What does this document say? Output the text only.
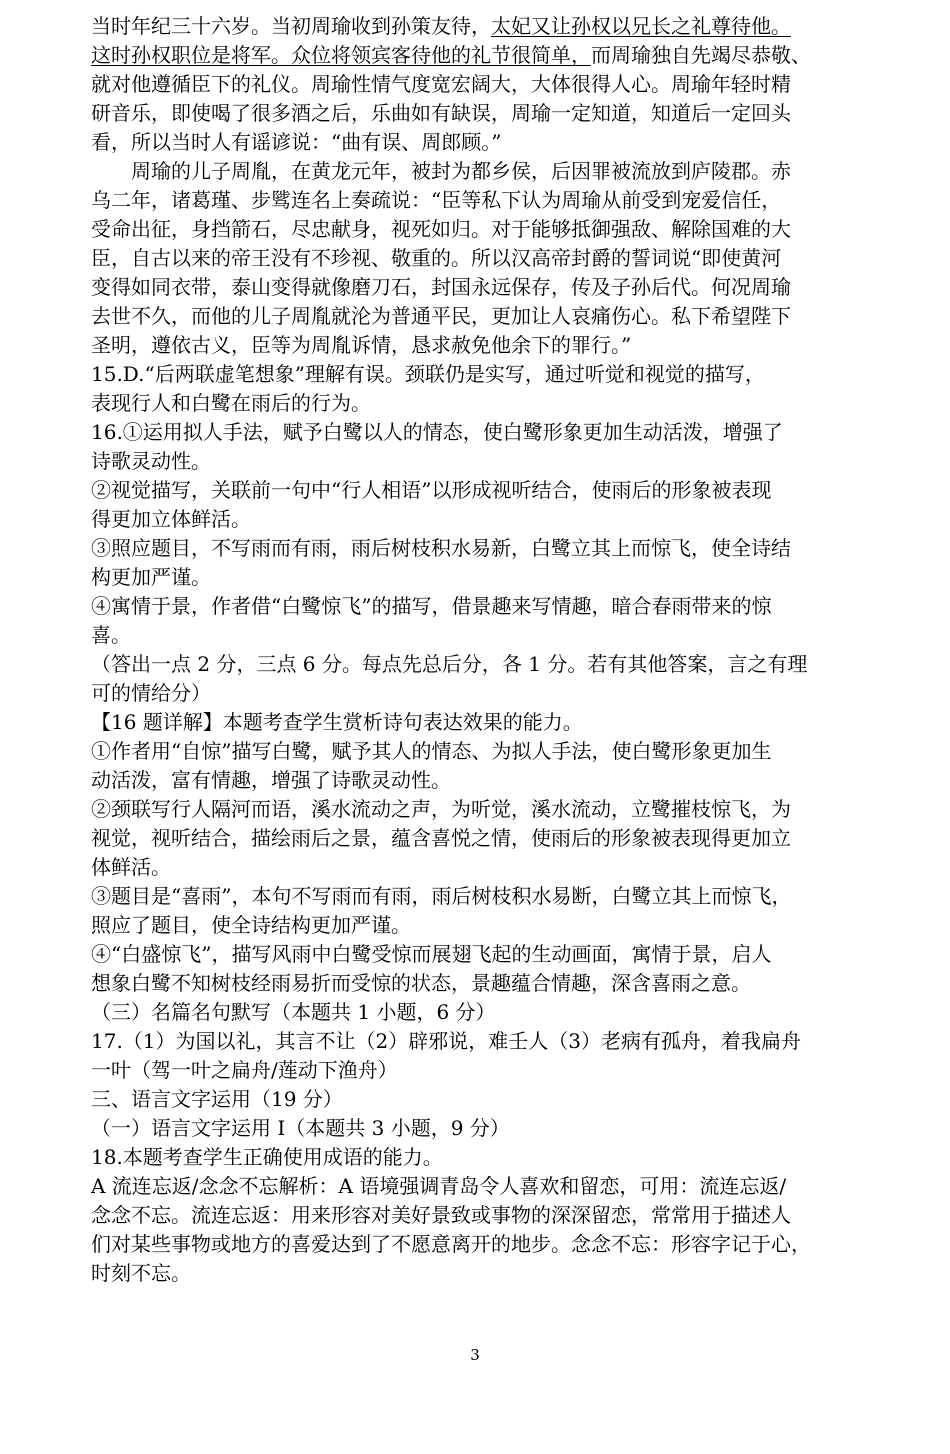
当时年纪三十六岁。当初周瑜收到孙策友待，太妃又让孙权以兄长之礼尊待他。
这时孙权职位是将军。众位将领宾客待他的礼节很简单，而周瑜独自先竭尽恭敬、
就对他遵循臣下的礼仪。周瑜性情气度宽宏阔大，大体很得人心。周瑜年轻时精
研音乐，即使喝了很多酒之后，乐曲如有缺误，周瑜一定知道，知道后一定回头
看，所以当时人有谣谚说：“曲有误、周郎顾。”
　　周瑜的儿子周胤，在黄龙元年，被封为都乡侯，后因罪被流放到庐陵郡。赤
乌二年，诸葛瑾、步骘连名上奏疏说：“臣等私下认为周瑜从前受到宠爱信任，
受命出征，身挡箭石，尽忠献身，视死如归。对于能够抵御强敌、解除国难的大
臣，自古以来的帝王没有不珍视、敬重的。所以汉高帝封爵的誓词说“即使黄河
变得如同衣带，泰山变得就像磨刀石，封国永远保存，传及子孙后代。何况周瑜
去世不久，而他的儿子周胤就沦为普通平民，更加让人哀痛伤心。私下希望陛下
圣明，遵依古义，臣等为周胤诉情，恳求赦免他余下的罪行。”
15.D.“后两联虚笔想象”理解有误。颈联仍是实写，通过听觉和视觉的描写，
表现行人和白鹭在雨后的行为。
16.①运用拟人手法，赋予白鹭以人的情态，使白鹭形象更加生动活泼，增强了
诗歌灵动性。
②视觉描写，关联前一句中“行人相语”以形成视听结合，使雨后的形象被表现
得更加立体鲜活。
③照应题目，不写雨而有雨，雨后树枝积水易新，白鹭立其上而惊飞，使全诗结
构更加严谨。
④寓情于景，作者借“白鹭惊飞”的描写，借景趣来写情趣，暗合春雨带来的惊
喜。
（答出一点 2 分，三点 6 分。每点先总后分，各 1 分。若有其他答案，言之有理
可的情给分）
【16 题详解】本题考查学生赏析诗句表达效果的能力。
①作者用“自惊”描写白鹭，赋予其人的情态、为拟人手法，使白鹭形象更加生
动活泼，富有情趣，增强了诗歌灵动性。
②颈联写行人隔河而语，溪水流动之声，为听觉，溪水流动，立鹭摧枝惊飞，为
视觉，视听结合，描绘雨后之景，蕴含喜悦之情，使雨后的形象被表现得更加立
体鲜活。
③题目是“喜雨”，本句不写雨而有雨，雨后树枝积水易断，白鹭立其上而惊飞，
照应了题目，使全诗结构更加严谨。
④“白盛惊飞”，描写风雨中白鹭受惊而展翅飞起的生动画面，寓情于景，启人
想象白鹭不知树枝经雨易折而受惊的状态，景趣蕴合情趣，深含喜雨之意。
（三）名篇名句默写（本题共 1 小题，6 分）
17.（1）为国以礼，其言不让（2）辟邪说，难壬人（3）老病有孤舟，着我扁舟
一叶（驾一叶之扁舟/莲动下渔舟）
三、语言文字运用（19 分）
（一）语言文字运用 I（本题共 3 小题，9 分）
18.本题考查学生正确使用成语的能力。
A 流连忘返/念念不忘解析：A 语境强调青岛令人喜欢和留恋，可用：流连忘返/
念念不忘。流连忘返：用来形容对美好景致或事物的深深留恋，常常用于描述人
们对某些事物或地方的喜爱达到了不愿意离开的地步。念念不忘：形容字记于心，
时刻不忘。
3
